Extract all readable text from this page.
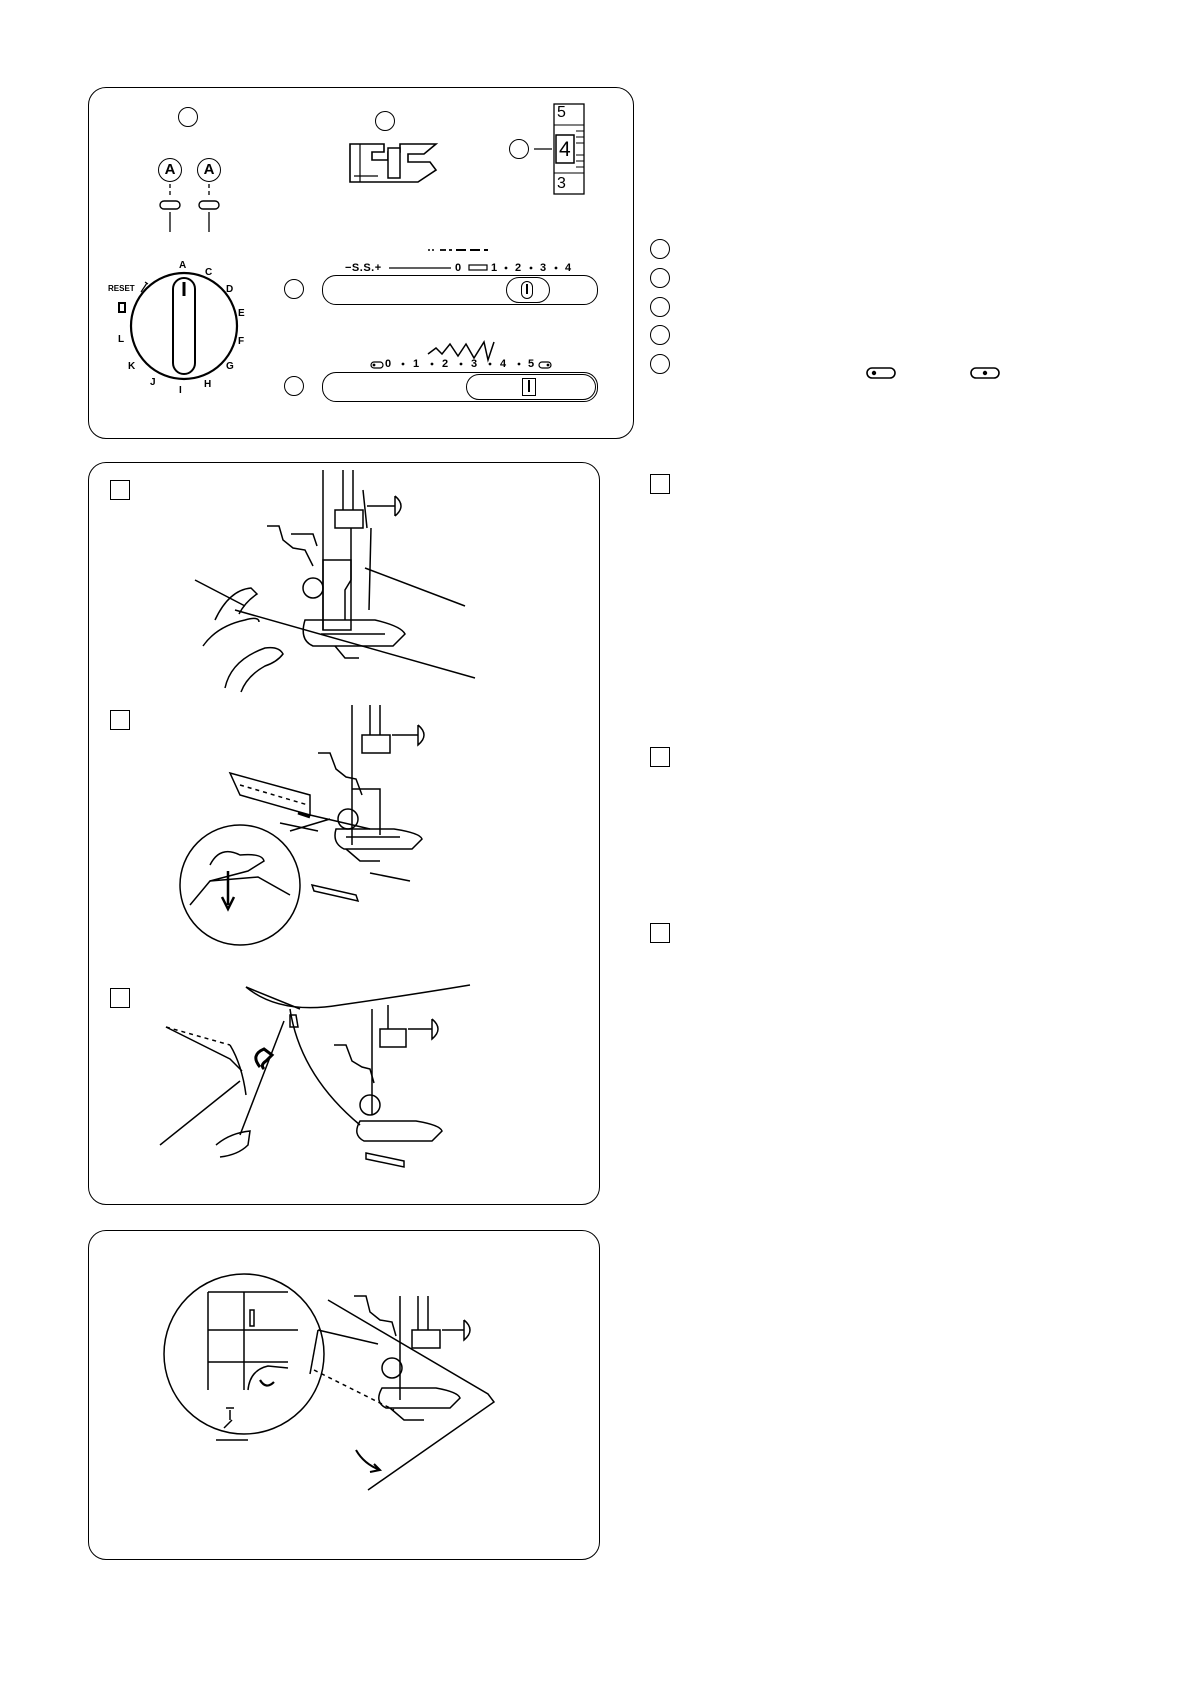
A	A
RESET
A
C
D
E
F
G
H
I
J
K
L
5
4
3
−S.S.+	0	1 2 3 4
0 1 2 3 4 5
